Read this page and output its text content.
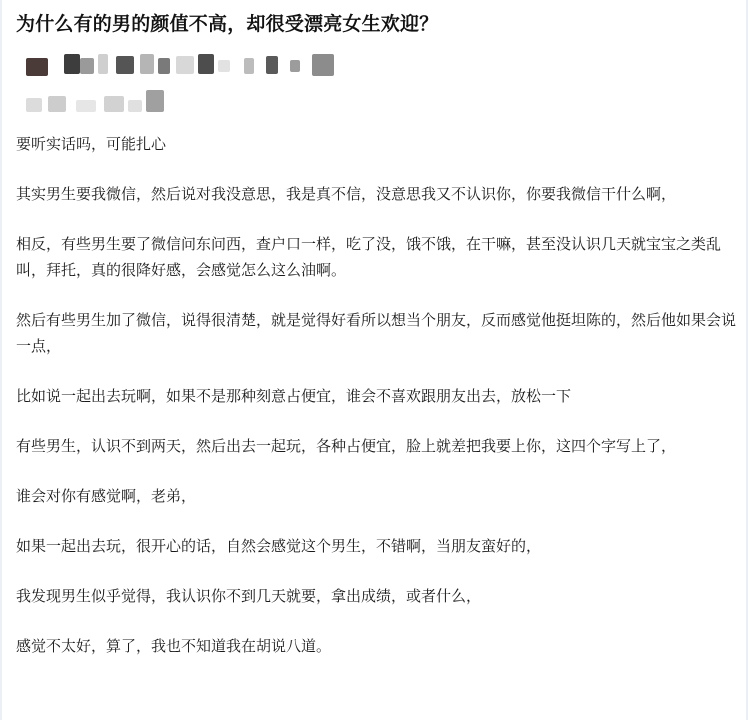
为什么有的男的颜值不高，却很受漂亮女生欢迎？

要听实话吗，可能扎心

其实男生要我微信，然后说对我没意思，我是真不信，没意思我又不认识你，你要我微信干什么啊，

相反，有些男生要了微信问东问西，查户口一样，吃了没，饿不饿，在干嘛，甚至没认识几天就宝宝之类乱叫，拜托，真的很降好感，会感觉怎么这么油啊。

然后有些男生加了微信，说得很清楚，就是觉得好看所以想当个朋友，反而感觉他挺坦陈的，然后他如果会说一点，

比如说一起出去玩啊，如果不是那种刻意占便宜，谁会不喜欢跟朋友出去，放松一下

有些男生，认识不到两天，然后出去一起玩，各种占便宜，脸上就差把我要上你，这四个字写上了，

谁会对你有感觉啊，老弟，

如果一起出去玩，很开心的话，自然会感觉这个男生，不错啊，当朋友蛮好的，

我发现男生似乎觉得，我认识你不到几天就要，拿出成绩，或者什么，

感觉不太好，算了，我也不知道我在胡说八道。
